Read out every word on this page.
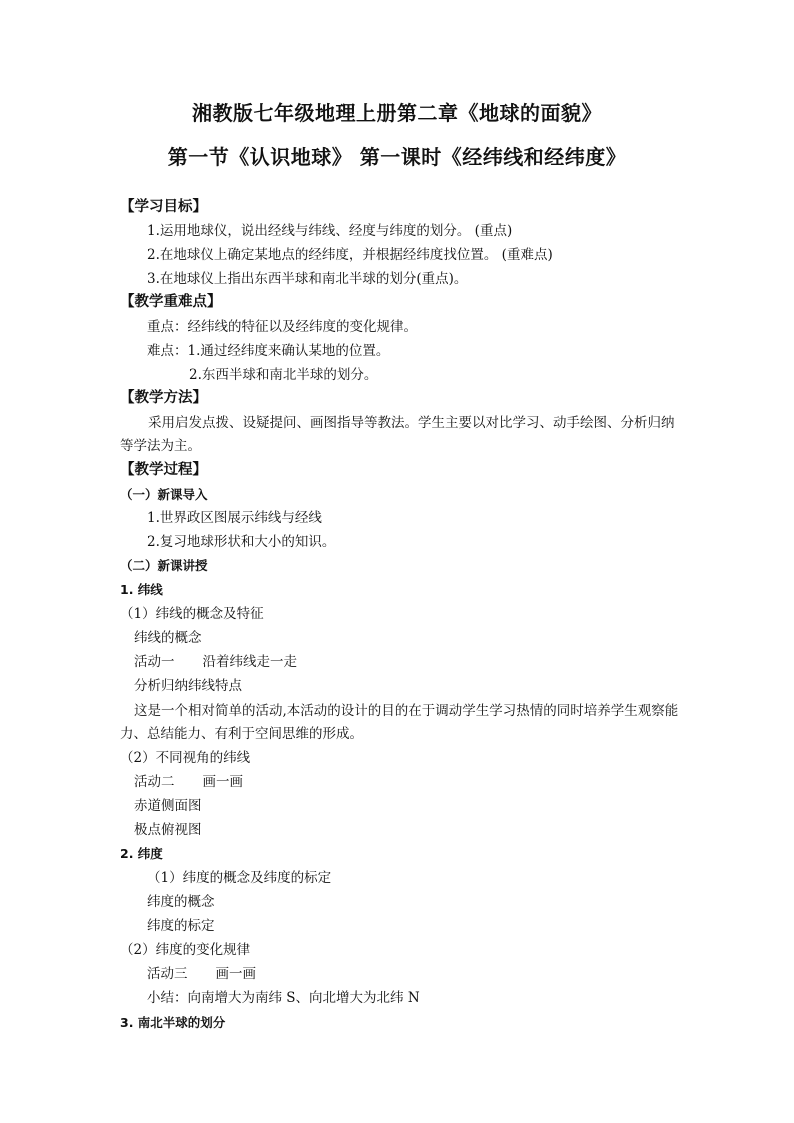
湘教版七年级地理上册第二章《地球的面貌》
第一节《认识地球》 第一课时《经纬线和经纬度》
【学习目标】
1.运用地球仪，说出经线与纬线、经度与纬度的划分。 (重点)
2.在地球仪上确定某地点的经纬度，并根据经纬度找位置。 (重难点)
3.在地球仪上指出东西半球和南北半球的划分(重点)。
【教学重难点】
重点：经纬线的特征以及经纬度的变化规律。
难点：1.通过经纬度来确认某地的位置。
2.东西半球和南北半球的划分。
【教学方法】
采用启发点拨、设疑提问、画图指导等教法。学生主要以对比学习、动手绘图、分析归纳等学法为主。
【教学过程】
（一）新课导入
1.世界政区图展示纬线与经线
2.复习地球形状和大小的知识。
（二）新课讲授
1. 纬线
（1）纬线的概念及特征
纬线的概念
活动一 沿着纬线走一走
分析归纳纬线特点
这是一个相对简单的活动,本活动的设计的目的在于调动学生学习热情的同时培养学生观察能力、总结能力、有利于空间思维的形成。
（2）不同视角的纬线
活动二 画一画
赤道侧面图
极点俯视图
2. 纬度
（1）纬度的概念及纬度的标定
纬度的概念
纬度的标定
（2）纬度的变化规律
活动三 画一画
小结：向南增大为南纬 S、向北增大为北纬 N
3. 南北半球的划分
